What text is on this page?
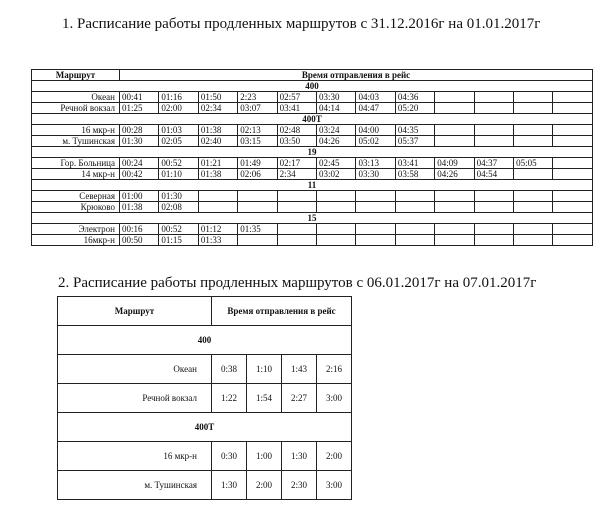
1. Расписание работы продленных маршрутов с 31.12.2016г на 01.01.2017г
Маршрут	Время отправления в рейс											
400												
Океан	00:41	01:16	01:50	2:23	02:57	03:30	04:03	04:36				
Речной вокзал	01:25	02:00	02:34	03:07	03:41	04:14	04:47	05:20				
400Т												
16 мкр-н	00:28	01:03	01:38	02:13	02:48	03:24	04:00	04:35				
м. Тушинская	01:30	02:05	02:40	03:15	03:50	04:26	05:02	05:37				
19												
Гор. Больница	00:24	00:52	01:21	01:49	02:17	02:45	03:13	03:41	04:09	04:37	05:05	
14 мкр-н	00:42	01:10	01:38	02:06	2:34	03:02	03:30	03:58	04:26	04:54		
11												
Северная	01:00	01:30										
Крюково	01:38	02:08										
15												
Электрон	00:16	00:52	01:12	01:35								
16мкр-н	00:50	01:15	01:33									
2. Расписание работы продленных маршрутов с 06.01.2017г на 07.01.2017г
Маршрут	Время отправления в рейс			
400				
Океан	0:38	1:10	1:43	2:16
Речной вокзал	1:22	1:54	2:27	3:00
400Т				
16 мкр-н	0:30	1:00	1:30	2:00
м. Тушинская	1:30	2:00	2:30	3:00
